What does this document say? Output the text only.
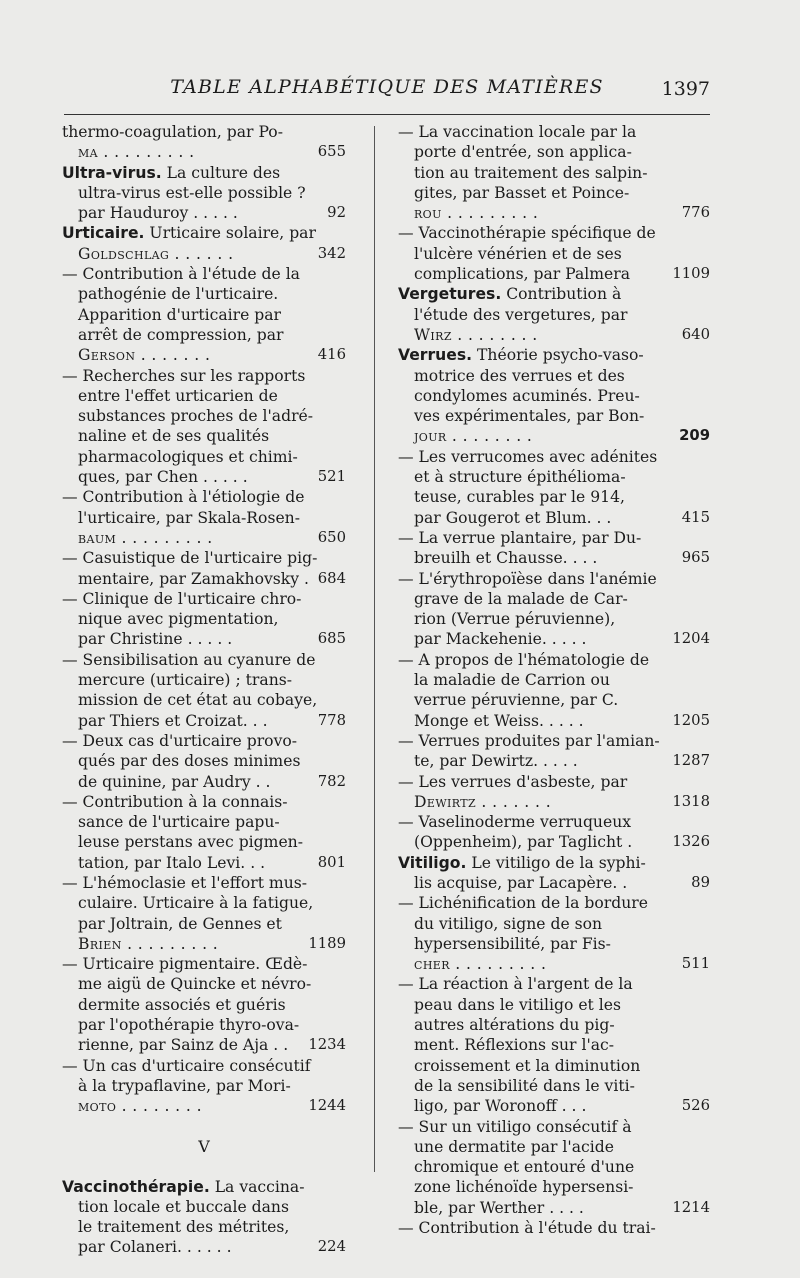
TABLE ALPHABÉTIQUE DES MATIÈRES	1397
thermo-coagulation, par Po-
ma . . . . . . . . .	655
Ultra-virus. La culture des
ultra-virus est-elle possible ?
par Hauduroy . . . . .	92
Urticaire. Urticaire solaire, par
Goldschlag . . . . . .	342
— Contribution à l'étude de la
pathogénie de l'urticaire.
Apparition d'urticaire par
arrêt de compression, par
Gerson . . . . . . .	416
— Recherches sur les rapports
entre l'effet urticarien de
substances proches de l'adré-
naline et de ses qualités
pharmacologiques et chimi-
ques, par Chen . . . . .	521
— Contribution à l'étiologie de
l'urticaire, par Skala-Rosen-
baum . . . . . . . . .	650
— Casuistique de l'urticaire pig-
mentaire, par Zamakhovsky . 684
— Clinique de l'urticaire chro-
nique avec pigmentation,
par Christine . . . . .	685
— Sensibilisation au cyanure de
mercure (urticaire) ; trans-
mission de cet état au cobaye,
par Thiers et Croizat. . .	778
— Deux cas d'urticaire provo-
qués par des doses minimes
de quinine, par Audry . .	782
— Contribution à la connais-
sance de l'urticaire papu-
leuse perstans avec pigmen-
tation, par Italo Levi. . .	801
— L'hémoclasie et l'effort mus-
culaire. Urticaire à la fatigue,
par Joltrain, de Gennes et
Brien . . . . . . . . .	1189
— Urticaire pigmentaire. Œdè-
me aigü de Quincke et névro-
dermite associés et guéris
par l'opothérapie thyro-ova-
rienne, par Sainz de Aja . .	1234
— Un cas d'urticaire consécutif
à la trypaflavine, par Mori-
moto . . . . . . . .	1244
V
Vaccinothérapie. La vaccina-
tion locale et buccale dans
le traitement des métrites,
par Colaneri. . . . . .	224
— La vaccination locale par la
porte d'entrée, son applica-
tion au traitement des salpin-
gites, par Basset et Poince-
rou . . . . . . . . .	776
— Vaccinothérapie spécifique de
l'ulcère vénérien et de ses
complications, par Palmera	1109
Vergetures. Contribution à
l'étude des vergetures, par
Wirz . . . . . . . .	640
Verrues. Théorie psycho-vaso-
motrice des verrues et des
condylomes acuminés. Preu-
ves expérimentales, par Bon-
jour . . . . . . . .	209
— Les verrucomes avec adénites
et à structure épithélioma-
teuse, curables par le 914,
par Gougerot et Blum. . .	415
— La verrue plantaire, par Du-
breuilh et Chausse. . . .	965
— L'érythropoïèse dans l'anémie
grave de la malade de Car-
rion (Verrue péruvienne),
par Mackehenie. . . . .	1204
— A propos de l'hématologie de
la maladie de Carrion ou
verrue péruvienne, par C.
Monge et Weiss. . . . .	1205
— Verrues produites par l'amian-
te, par Dewirtz. . . . .	1287
— Les verrues d'asbeste, par
Dewirtz . . . . . . .	1318
— Vaselinoderme verruqueux
(Oppenheim), par Taglicht .	1326
Vitiligo. Le vitiligo de la syphi-
lis acquise, par Lacapère. .	89
— Lichénification de la bordure
du vitiligo, signe de son
hypersensibilité, par Fis-
cher . . . . . . . . .	511
— La réaction à l'argent de la
peau dans le vitiligo et les
autres altérations du pig-
ment. Réflexions sur l'ac-
croissement et la diminution
de la sensibilité dans le viti-
ligo, par Woronoff . . .	526
— Sur un vitiligo consécutif à
une dermatite par l'acide
chromique et entouré d'une
zone lichénoïde hypersensi-
ble, par Werther . . . .	1214
— Contribution à l'étude du trai-
